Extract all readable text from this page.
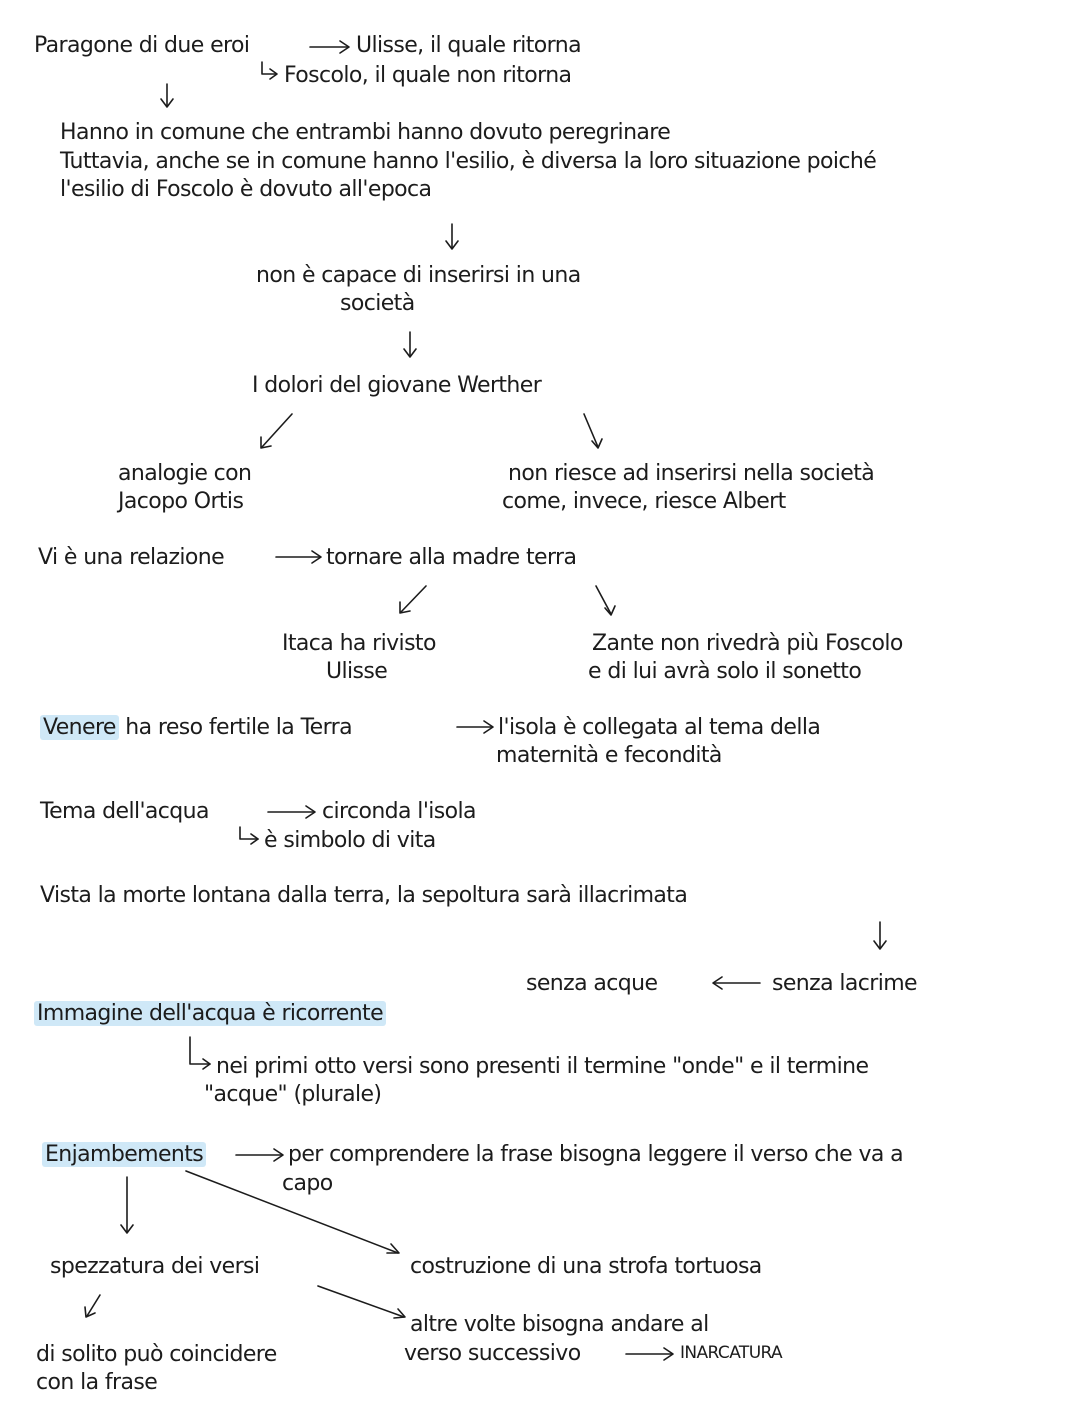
Paragone di due eroi	Ulisse, il quale ritorna
Foscolo, il quale non ritorna
Hanno in comune che entrambi hanno dovuto peregrinare
Tuttavia, anche se in comune hanno l'esilio, è diversa la loro situazione poiché
l'esilio di Foscolo è dovuto all'epoca
non è capace di inserirsi in una
società
I dolori del giovane Werther
analogie con
Jacopo Ortis
non riesce ad inserirsi nella società
come, invece, riesce Albert
Vi è una relazione	tornare alla madre terra
Itaca ha rivisto
Ulisse
Zante non rivedrà più Foscolo
e di lui avrà solo il sonetto
Venere ha reso fertile la Terra	l'isola è collegata al tema della
maternità e fecondità
Tema dell'acqua	circonda l'isola
è simbolo di vita
Vista la morte lontana dalla terra, la sepoltura sarà illacrimata
senza acque	senza lacrime
Immagine dell'acqua è ricorrente
nei primi otto versi sono presenti il termine "onde" e il termine
"acque" (plurale)
Enjambements	per comprendere la frase bisogna leggere il verso che va a
capo
spezzatura dei versi	costruzione di una strofa tortuosa
altre volte bisogna andare al
verso successivo	INARCATURA
di solito può coincidere
con la frase
